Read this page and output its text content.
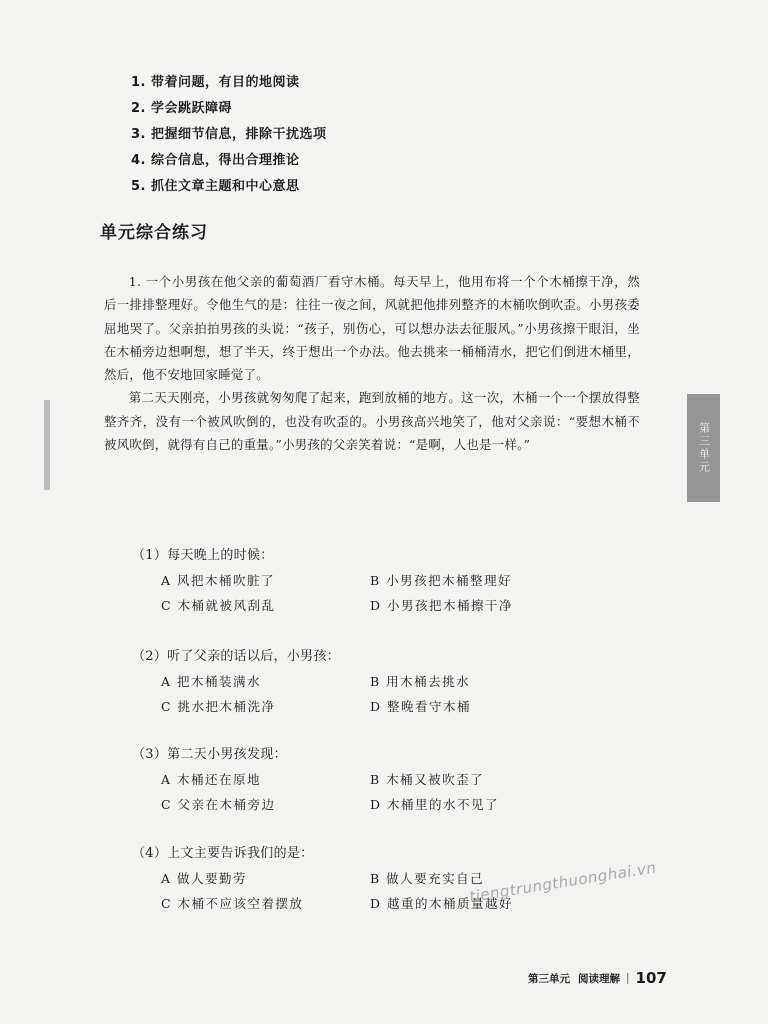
1. 带着问题，有目的地阅读
2. 学会跳跃障碍
3. 把握细节信息，排除干扰选项
4. 综合信息，得出合理推论
5. 抓住文章主题和中心意思
单元综合练习

1. 一个小男孩在他父亲的葡萄酒厂看守木桶。每天早上，他用布将一个个木桶擦干净，然后一排排整理好。令他生气的是：往往一夜之间，风就把他排列整齐的木桶吹倒吹歪。小男孩委屈地哭了。父亲拍拍男孩的头说：“孩子，别伤心，可以想办法去征服风。”小男孩擦干眼泪，坐在木桶旁边想啊想，想了半天，终于想出一个办法。他去挑来一桶桶清水，把它们倒进木桶里，然后，他不安地回家睡觉了。

第二天天刚亮，小男孩就匆匆爬了起来，跑到放桶的地方。这一次，木桶一个一个摆放得整整齐齐，没有一个被风吹倒的，也没有吹歪的。小男孩高兴地笑了，他对父亲说：“要想木桶不被风吹倒，就得有自己的重量。”小男孩的父亲笑着说：“是啊，人也是一样。”	第三单元
（1）每天晚上的时候：
A 风把木桶吹脏了	B 小男孩把木桶整理好
C 木桶就被风刮乱	D 小男孩把木桶擦干净
（2）听了父亲的话以后，小男孩：
A 把木桶装满水	B 用木桶去挑水
C 挑水把木桶洗净	D 整晚看守木桶
（3）第二天小男孩发现：
A 木桶还在原地	B 木桶又被吹歪了
C 父亲在木桶旁边	D 木桶里的水不见了
（4）上文主要告诉我们的是：
A 做人要勤劳	B 做人要充实自己
C 木桶不应该空着摆放	D 越重的木桶质量越好
tiengtrungthuonghai.vn
第三单元 阅读理解 | 107
